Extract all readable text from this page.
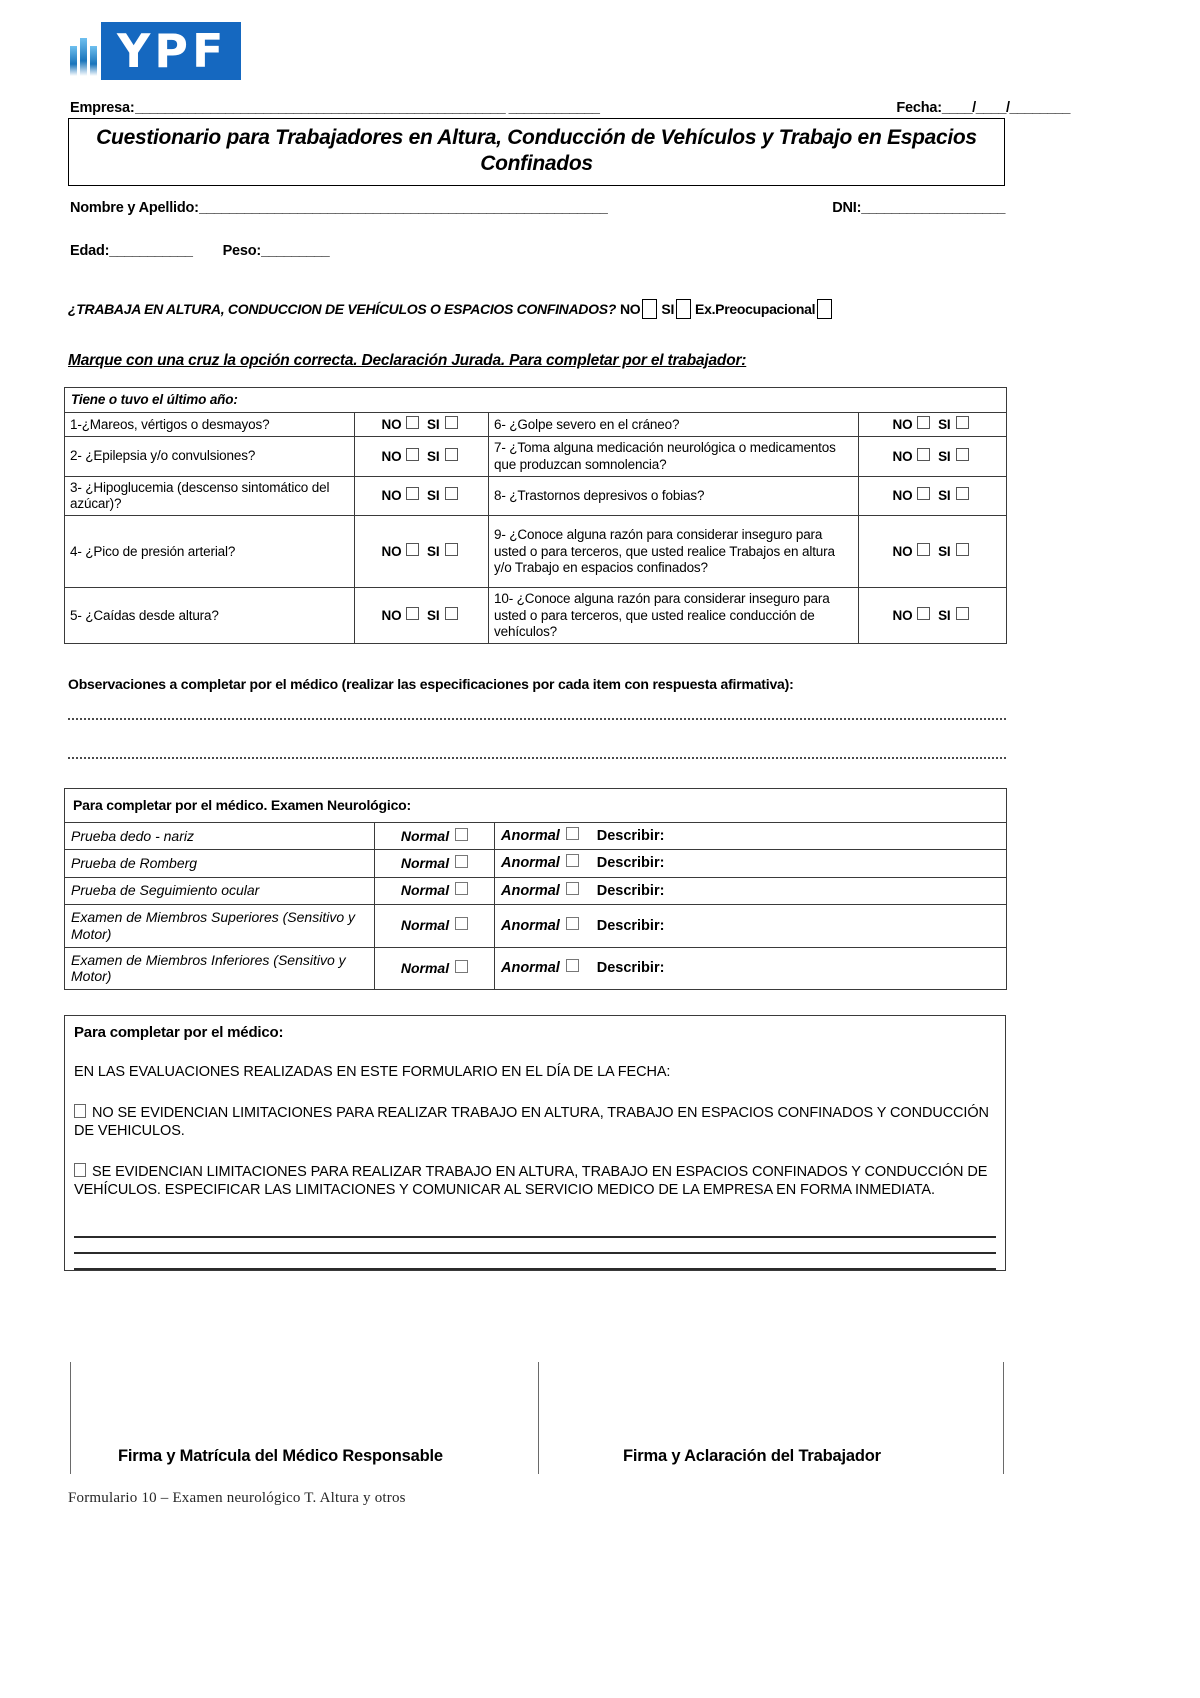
YPF
Empresa: _________________________________________________ ____________	Fecha: ____/____/________
Cuestionario para Trabajadores en Altura, Conducción de Vehículos y Trabajo en Espacios Confinados
Nombre y Apellido: ______________________________________________________	DNI: ___________________
Edad:___________ Peso:_________
¿TRABAJA EN ALTURA, CONDUCCION DE VEHÍCULOS O ESPACIOS CONFINADOS? NO SI Ex.Preocupacional
Marque con una cruz la opción correcta. Declaración Jurada. Para completar por el trabajador:
Tiene o tuvo el último año:			
1-¿Mareos, vértigos o desmayos?	NO SI	6- ¿Golpe severo en el cráneo?	NO SI
2- ¿Epilepsia y/o convulsiones?	NO SI	7- ¿Toma alguna medicación neurológica o medicamentos que produzcan somnolencia?	NO SI
3- ¿Hipoglucemia (descenso sintomático del azúcar)?	NO SI	8- ¿Trastornos depresivos o fobias?	NO SI
4- ¿Pico de presión arterial?	NO SI	9- ¿Conoce alguna razón para considerar inseguro para usted o para terceros, que usted realice Trabajos en altura y/o Trabajo en espacios confinados?	NO SI
5- ¿Caídas desde altura?	NO SI	10- ¿Conoce alguna razón para considerar inseguro para usted o para terceros, que usted realice conducción de vehículos?	NO SI
Observaciones a completar por el médico (realizar las especificaciones por cada item con respuesta afirmativa):
Para completar por el médico. Examen Neurológico:		
Prueba dedo - nariz	Normal	Anormal Describir:
Prueba de Romberg	Normal	Anormal Describir:
Prueba de Seguimiento ocular	Normal	Anormal Describir:
Examen de Miembros Superiores (Sensitivo y Motor)	Normal	Anormal Describir:
Examen de Miembros Inferiores (Sensitivo y Motor)	Normal	Anormal Describir:
Para completar por el médico:
EN LAS EVALUACIONES REALIZADAS EN ESTE FORMULARIO EN EL DÍA DE LA FECHA:
NO SE EVIDENCIAN LIMITACIONES PARA REALIZAR TRABAJO EN ALTURA, TRABAJO EN ESPACIOS CONFINADOS Y CONDUCCIÓN DE VEHICULOS.
SE EVIDENCIAN LIMITACIONES PARA REALIZAR TRABAJO EN ALTURA, TRABAJO EN ESPACIOS CONFINADOS Y CONDUCCIÓN DE VEHÍCULOS. ESPECIFICAR LAS LIMITACIONES Y COMUNICAR AL SERVICIO MEDICO DE LA EMPRESA EN FORMA INMEDIATA.
Firma y Matrícula del Médico Responsable	Firma y Aclaración del Trabajador
Formulario 10 – Examen neurológico T. Altura y otros
